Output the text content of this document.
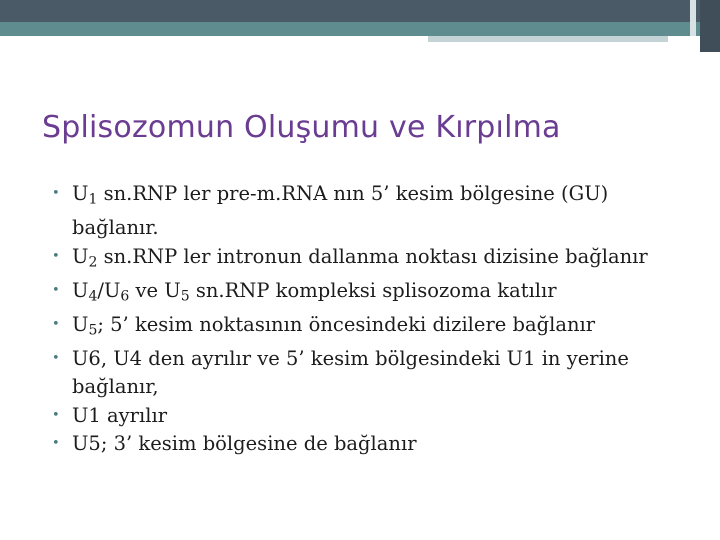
Splisozomun Oluşumu ve Kırpılma
• $U_1$ sn.RNP ler pre-m.RNA nın 5’ kesim bölgesine (GU) bağlanır.
• $U_2$ sn.RNP ler intronun dallanma noktası dizisine bağlanır
• $U_4/U_6$ ve $U_5$ sn.RNP kompleksi splisozoma katılır
• $U_5$; 5’ kesim noktasının öncesindeki dizilere bağlanır
• U6, U4 den ayrılır ve 5’ kesim bölgesindeki U1 in yerine bağlanır,
• U1 ayrılır
• U5; 3’ kesim bölgesine de bağlanır
